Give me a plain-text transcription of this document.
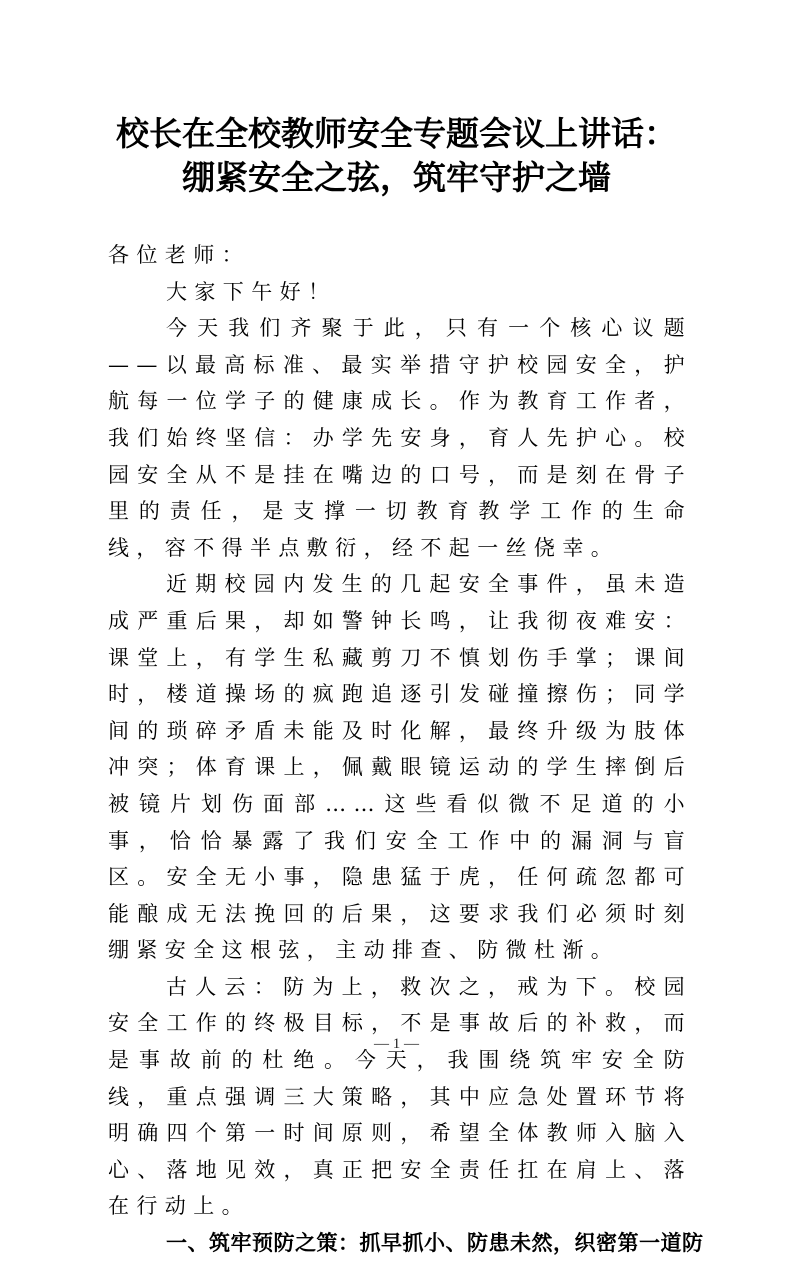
校长在全校教师安全专题会议上讲话：绷紧安全之弦，筑牢守护之墙

各位老师：

大家下午好！

今天我们齐聚于此，只有一个核心议题——以最高标准、最实举措守护校园安全，护航每一位学子的健康成长。作为教育工作者，我们始终坚信：办学先安身，育人先护心。校园安全从不是挂在嘴边的口号，而是刻在骨子里的责任，是支撑一切教育教学工作的生命线，容不得半点敷衍，经不起一丝侥幸。

近期校园内发生的几起安全事件，虽未造成严重后果，却如警钟长鸣，让我彻夜难安：课堂上，有学生私藏剪刀不慎划伤手掌；课间时，楼道操场的疯跑追逐引发碰撞擦伤；同学间的琐碎矛盾未能及时化解，最终升级为肢体冲突；体育课上，佩戴眼镜运动的学生摔倒后被镜片划伤面部……这些看似微不足道的小事，恰恰暴露了我们安全工作中的漏洞与盲区。安全无小事，隐患猛于虎，任何疏忽都可能酿成无法挽回的后果，这要求我们必须时刻绷紧安全这根弦，主动排查、防微杜渐。

古人云：防为上，救次之，戒为下。校园安全工作的终极目标，不是事故后的补救，而是事故前的杜绝。今天，我围绕筑牢安全防线，重点强调三大策略，其中应急处置环节将明确四个第一时间原则，希望全体教师入脑入心、落地见效，真正把安全责任扛在肩上、落在行动上。

一、筑牢预防之策：抓早抓小、防患未然，织密第一道防

— 1 —
